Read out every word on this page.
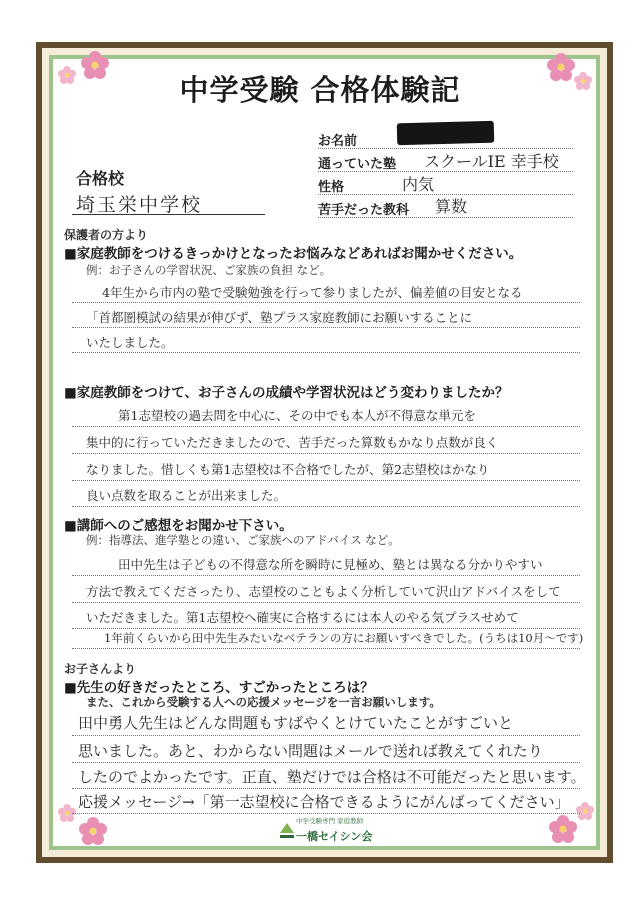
中学受験 合格体験記
お名前
通っていた塾 スクールIE 幸手校
性格	内気
苦手だった教科 算数
合格校
埼玉栄中学校
保護者の方より
■家庭教師をつけるきっかけとなったお悩みなどあればお聞かせください。
例：お子さんの学習状況、ご家族の負担 など。
4年生から市内の塾で受験勉強を行って参りましたが、偏差値の目安となる
「首都圏模試の結果が伸びず、塾プラス家庭教師にお願いすることに
いたしました。
■家庭教師をつけて、お子さんの成績や学習状況はどう変わりましたか？
第1志望校の過去問を中心に、その中でも本人が不得意な単元を
集中的に行っていただきましたので、苦手だった算数もかなり点数が良く
なりました。惜しくも第1志望校は不合格でしたが、第2志望校はかなり
良い点数を取ることが出来ました。
■講師へのご感想をお聞かせ下さい。
例：指導法、進学塾との違い、ご家族へのアドバイス など。
田中先生は子どもの不得意な所を瞬時に見極め、塾とは異なる分かりやすい
方法で教えてくださったり、志望校のこともよく分析していて沢山アドバイスをして
いただきました。第1志望校へ確実に合格するには本人のやる気プラスせめて
1年前くらいから田中先生みたいなベテランの方にお願いすべきでした。(うちは10月～です)
お子さんより
■先生の好きだったところ、すごかったところは？
また、これから受験する人への応援メッセージを一言お願いします。
田中勇人先生はどんな問題もすばやくとけていたことがすごいと
思いました。あと、わからない問題はメールで送れば教えてくれたり
したのでよかったです。正直、塾だけでは合格は不可能だったと思います。
応援メッセージ→「第一志望校に合格できるようにがんばってください」
中学受験専門 家庭教師
一橋セイシン会
